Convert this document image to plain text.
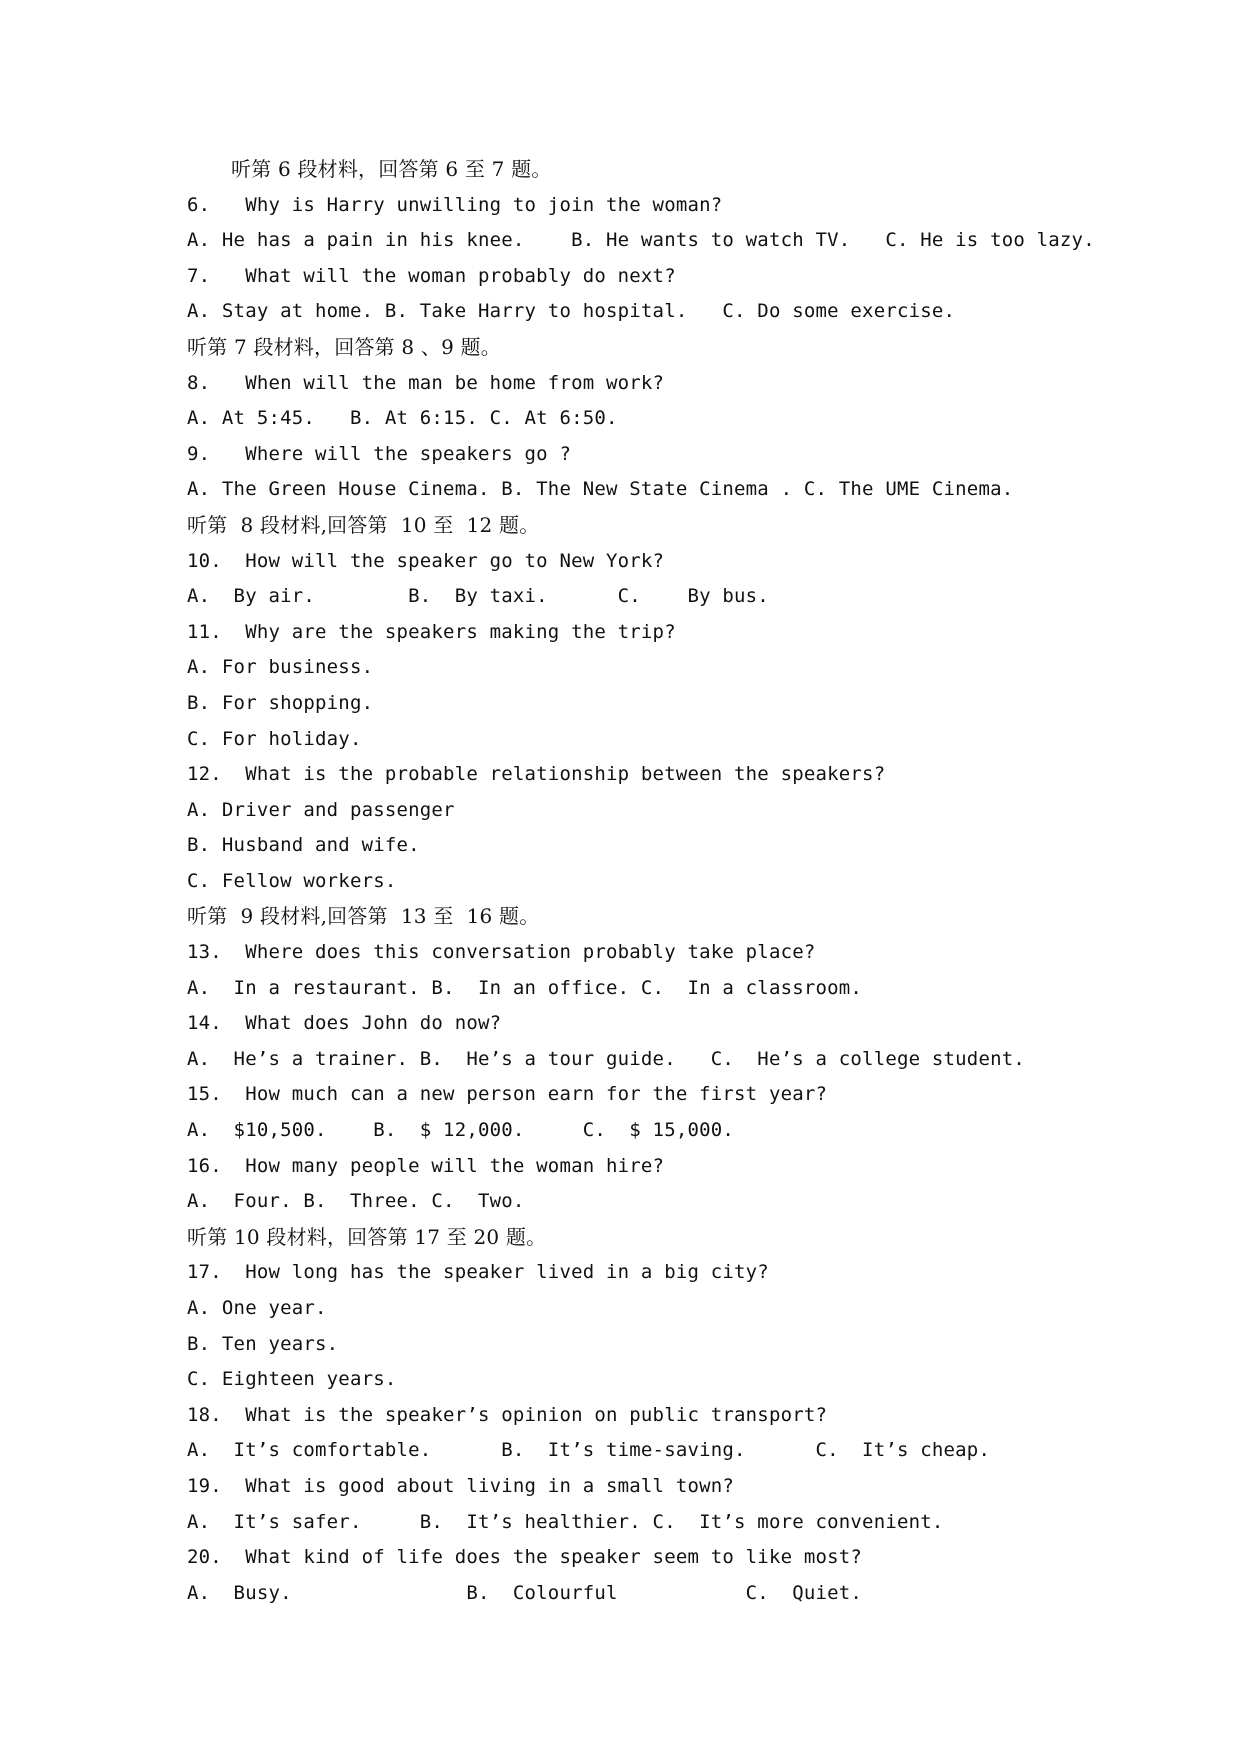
听第 6 段材料，回答第 6 至 7 题。
6.   Why is Harry unwilling to join the woman?
A. He has a pain in his knee.    B. He wants to watch TV.   C. He is too lazy.
7.   What will the woman probably do next?
A. Stay at home. B. Take Harry to hospital.   C. Do some exercise.
听第 7 段材料，回答第 8 、9 题。
8.   When will the man be home from work?
A. At 5:45.   B. At 6:15. C. At 6:50.
9.   Where will the speakers go ?
A. The Green House Cinema. B. The New State Cinema . C. The UME Cinema.
听第  8 段材料,回答第  10 至  12 题。
10.  How will the speaker go to New York?
A.  By air.        B.  By taxi.      C.    By bus.
11.  Why are the speakers making the trip?
A. For business.
B. For shopping.
C. For holiday.
12.  What is the probable relationship between the speakers?
A. Driver and passenger
B. Husband and wife.
C. Fellow workers.
听第  9 段材料,回答第  13 至  16 题。
13.  Where does this conversation probably take place?
A.  In a restaurant. B.  In an office. C.  In a classroom.
14.  What does John do now?
A.  He’s a trainer. B.  He’s a tour guide.   C.  He’s a college student.
15.  How much can a new person earn for the first year?
A.  $10,500.    B.  $ 12,000.     C.  $ 15,000.
16.  How many people will the woman hire?
A.  Four. B.  Three. C.  Two.
听第 10 段材料，回答第 17 至 20 题。
17.  How long has the speaker lived in a big city?
A. One year.
B. Ten years.
C. Eighteen years.
18.  What is the speaker’s opinion on public transport?
A.  It’s comfortable.      B.  It’s time-saving.      C.  It’s cheap.
19.  What is good about living in a small town?
A.  It’s safer.     B.  It’s healthier. C.  It’s more convenient.
20.  What kind of life does the speaker seem to like most?
A.  Busy.               B.  Colourful           C.  Quiet.
